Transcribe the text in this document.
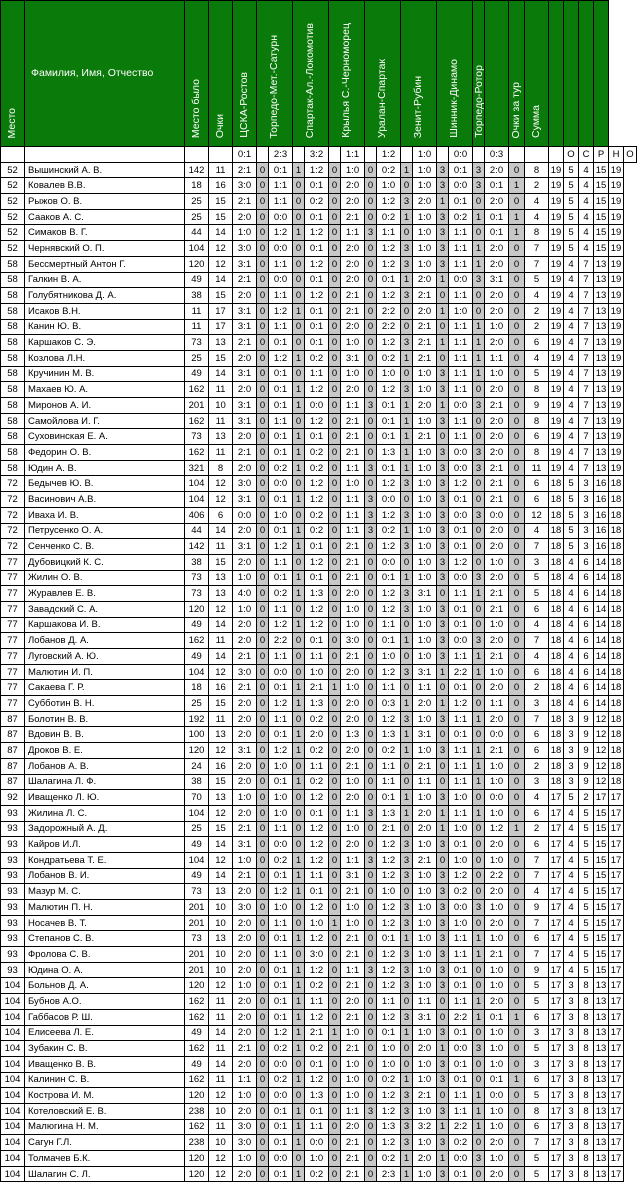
Место	Фамилия, Имя, Отчество	Место было	Очки	ЦСКА-Ростов	Торпедо-Мет.-Сатурн		Спартак-Ал.-Локомотив		Крылья С.-Черноморец		Уралан-Спартак		Зенит-Рубин		Шинник-Динамо		Торпедо-Ротор		Очки за тур	Сумма						
				0:1		2:3		3:2		1:1		1:2		1:0		0:0		0:3				О	С	Р	Н	О
52	Вышинский А. В.	142	11	2:1	0	0:1	1	1:2	0	1:0	0	0:2	1	1:0	3	0:1	3	2:0	0	8	19	5	4	15	19	
52	Ковалев В.В.	18	16	3:0	0	1:1	0	0:1	0	2:0	0	1:0	0	1:0	3	0:0	3	0:1	1	2	19	5	4	15	19	
52	Рыжов О. В.	25	15	2:1	0	1:1	0	0:2	0	2:0	0	1:2	3	2:0	1	0:1	0	2:0	0	4	19	5	4	15	19	
52	Сааков А. С.	25	15	2:0	0	0:0	0	0:1	0	2:1	0	0:2	1	1:0	3	0:2	1	0:1	1	4	19	5	4	15	19	
52	Симаков В. Г.	44	14	1:0	0	1:2	1	1:2	0	1:1	3	1:1	0	1:0	3	1:1	0	0:1	1	8	19	5	4	15	19	
52	Чернявский О. П.	104	12	3:0	0	0:0	0	0:1	0	2:0	0	1:2	3	1:0	3	1:1	1	2:0	0	7	19	5	4	15	19	
58	Бессмертный Антон Г.	120	12	3:1	0	1:1	0	1:2	0	2:0	0	1:2	3	1:0	3	1:1	1	2:0	0	7	19	4	7	13	19	
58	Галкин В. А.	49	14	2:1	0	0:0	0	0:1	0	2:0	0	0:1	1	2:0	1	0:0	3	3:1	0	5	19	4	7	13	19	
58	Голубятникова Д. А.	38	15	2:0	0	1:1	0	1:2	0	2:1	0	1:2	3	2:1	0	1:1	0	2:0	0	4	19	4	7	13	19	
58	Исаков В.Н.	11	17	3:1	0	1:2	1	0:1	0	2:1	0	2:2	0	2:0	1	1:0	0	2:0	0	2	19	4	7	13	19	
58	Канин Ю. В.	11	17	3:1	0	1:1	0	0:1	0	2:0	0	2:2	0	2:1	0	1:1	1	1:0	0	2	19	4	7	13	19	
58	Каршаков С. Э.	73	13	2:1	0	0:1	0	0:1	0	1:0	0	1:2	3	2:1	1	1:1	1	2:0	0	6	19	4	7	13	19	
58	Козлова Л.Н.	25	15	2:0	0	1:2	1	0:2	0	3:1	0	0:2	1	2:1	0	1:1	1	1:1	0	4	19	4	7	13	19	
58	Кручинин М. В.	49	14	3:1	0	0:1	0	1:1	0	1:0	0	1:0	0	1:0	3	1:1	1	1:0	0	5	19	4	7	13	19	
58	Махаев Ю. А.	162	11	2:0	0	0:1	1	1:2	0	2:0	0	1:2	3	1:0	3	1:1	0	2:0	0	8	19	4	7	13	19	
58	Миронов А. И.	201	10	3:1	0	0:1	1	0:0	0	1:1	3	0:1	1	2:0	1	0:0	3	2:1	0	9	19	4	7	13	19	
58	Самойлова И. Г.	162	11	3:1	0	1:1	0	1:2	0	2:1	0	0:1	1	1:0	3	1:1	0	2:0	0	8	19	4	7	13	19	
58	Суховинская Е. А.	73	13	2:0	0	0:1	1	0:1	0	2:1	0	0:1	1	2:1	0	1:1	0	2:0	0	6	19	4	7	13	19	
58	Федорин О. В.	162	11	2:1	0	0:1	1	0:2	0	2:1	0	1:3	1	1:0	3	0:0	3	2:0	0	8	19	4	7	13	19	
58	Юдин А. В.	321	8	2:0	0	0:2	1	0:2	0	1:1	3	0:1	1	1:0	3	0:0	3	2:1	0	11	19	4	7	13	19	
72	Бедычев Ю. В.	104	12	3:0	0	0:0	0	1:2	0	1:0	0	1:2	3	1:0	3	1:2	0	2:1	0	6	18	5	3	16	18	
72	Васинович А.В.	104	12	3:1	0	0:1	1	1:2	0	1:1	3	0:0	0	1:0	3	0:1	0	2:1	0	6	18	5	3	16	18	
72	Иваха И. В.	406	6	0:0	0	1:0	0	0:2	0	1:1	3	1:2	3	1:0	3	0:0	3	0:0	0	12	18	5	3	16	18	
72	Петрусенко О. А.	44	14	2:0	0	0:1	1	0:2	0	1:1	3	0:2	1	1:0	3	0:1	0	2:0	0	4	18	5	3	16	18	
72	Сенченко С. В.	142	11	3:1	0	1:2	1	0:1	0	2:1	0	1:2	3	1:0	3	0:1	0	2:0	0	7	18	5	3	16	18	
77	Дубовицкий К. С.	38	15	2:0	0	1:1	0	1:2	0	2:1	0	0:0	0	1:0	3	1:2	0	1:0	0	3	18	4	6	14	18	
77	Жилин О. В.	73	13	1:0	0	0:1	1	0:1	0	2:1	0	0:1	1	1:0	3	0:0	3	2:0	0	5	18	4	6	14	18	
77	Журавлев Е. В.	73	13	4:0	0	0:2	1	1:3	0	2:0	0	1:2	3	3:1	0	1:1	1	2:1	0	5	18	4	6	14	18	
77	Завадский С. А.	120	12	1:0	0	1:1	0	1:2	0	1:0	0	1:2	3	1:0	3	0:1	0	2:1	0	6	18	4	6	14	18	
77	Каршакова И. В.	49	14	2:0	0	1:2	1	1:2	0	1:0	0	1:1	0	1:0	3	0:1	0	1:0	0	4	18	4	6	14	18	
77	Лобанов Д. А.	162	11	2:0	0	2:2	0	0:1	0	3:0	0	0:1	1	1:0	3	0:0	3	2:0	0	7	18	4	6	14	18	
77	Луговский А. Ю.	49	14	2:1	0	1:1	0	1:1	0	2:1	0	1:0	0	1:0	3	1:1	1	2:1	0	4	18	4	6	14	18	
77	Малютин И. П.	104	12	3:0	0	0:0	0	1:0	0	2:0	0	1:2	3	3:1	1	2:2	1	1:0	0	6	18	4	6	14	18	
77	Сакаева Г. Р.	18	16	2:1	0	0:1	1	2:1	1	1:0	0	1:1	0	1:1	0	0:1	0	2:0	0	2	18	4	6	14	18	
77	Субботин В. Н.	25	15	2:0	0	1:2	1	1:3	0	2:0	0	0:3	1	2:0	1	1:2	0	1:1	0	3	18	4	6	14	18	
87	Болотин В. В.	192	11	2:0	0	1:1	0	0:2	0	2:0	0	1:2	3	1:0	3	1:1	1	2:0	0	7	18	3	9	12	18	
87	Вдовин В. В.	100	13	2:0	0	0:1	1	2:0	0	1:3	0	1:3	1	3:1	0	0:1	0	0:0	0	6	18	3	9	12	18	
87	Дроков В. Е.	120	12	3:1	0	1:2	1	0:2	0	2:0	0	0:2	1	1:0	3	1:1	1	2:1	0	6	18	3	9	12	18	
87	Лобанов А. В.	24	16	2:0	0	1:0	0	1:1	0	2:1	0	1:1	0	2:1	0	1:1	1	1:0	0	2	18	3	9	12	18	
87	Шалагина Л. Ф.	38	15	2:0	0	0:1	1	0:2	0	1:0	0	1:1	0	1:1	0	1:1	1	1:0	0	3	18	3	9	12	18	
92	Иващенко Л. Ю.	70	13	1:0	0	1:0	0	1:2	0	2:0	0	0:1	1	1:0	3	1:0	0	0:0	0	4	17	5	2	17	17	
93	Жилина Л. С.	104	12	2:0	0	1:0	0	0:1	0	1:1	3	1:3	1	2:0	1	1:1	1	1:0	0	6	17	4	5	15	17	
93	Задорожный А. Д.	25	15	2:1	0	1:1	0	1:2	0	1:0	0	2:1	0	2:0	1	1:0	0	1:2	1	2	17	4	5	15	17	
93	Кайров И.Л.	49	14	3:1	0	0:0	0	1:2	0	2:0	0	1:2	3	1:0	3	0:1	0	2:0	0	6	17	4	5	15	17	
93	Кондратьева Т. Е.	104	12	1:0	0	0:2	1	1:2	0	1:1	3	1:2	3	2:1	0	1:0	0	1:0	0	7	17	4	5	15	17	
93	Лобанов В. И.	49	14	2:1	0	0:1	1	1:1	0	3:1	0	1:2	3	1:0	3	1:2	0	2:2	0	7	17	4	5	15	17	
93	Мазур М. С.	73	13	2:0	0	1:2	1	0:1	0	2:1	0	1:0	0	1:0	3	0:2	0	2:0	0	4	17	4	5	15	17	
93	Малютин П. Н.	201	10	3:0	0	1:0	0	1:2	0	1:0	0	1:2	3	1:0	3	0:0	3	1:0	0	9	17	4	5	15	17	
93	Носачев В. Т.	201	10	2:0	0	1:1	0	1:0	1	1:0	0	1:2	3	1:0	3	1:0	0	2:0	0	7	17	4	5	15	17	
93	Степанов С. В.	73	13	2:0	0	0:1	1	1:2	0	2:1	0	0:1	1	1:0	3	1:1	1	1:0	0	6	17	4	5	15	17	
93	Фролова С. В.	201	10	2:0	0	1:1	0	3:0	0	2:1	0	1:2	3	1:0	3	1:1	1	2:1	0	7	17	4	5	15	17	
93	Юдина О. А.	201	10	2:0	0	0:1	1	1:2	0	1:1	3	1:2	3	1:0	3	0:1	0	1:0	0	9	17	4	5	15	17	
104	Больнов Д. А.	120	12	1:0	0	0:1	1	0:2	0	2:1	0	1:2	3	1:0	3	0:1	0	1:0	0	5	17	3	8	13	17	
104	Бубнов А.О.	162	11	2:0	0	0:1	1	1:1	0	2:0	0	1:1	0	1:1	0	1:1	1	2:0	0	5	17	3	8	13	17	
104	Габбасов Р. Ш.	162	11	2:0	0	0:1	1	1:2	0	2:1	0	1:2	3	3:1	0	2:2	1	0:1	1	6	17	3	8	13	17	
104	Елисеева Л. Е.	49	14	2:0	0	1:2	1	2:1	1	1:0	0	0:1	1	1:0	3	0:1	0	1:0	0	3	17	3	8	13	17	
104	Зубакин С. В.	162	11	2:1	0	0:2	1	0:2	0	2:1	0	1:0	0	2:0	1	0:0	3	1:0	0	5	17	3	8	13	17	
104	Иващенко В. В.	49	14	2:0	0	0:0	0	0:1	0	1:0	0	1:0	0	1:0	3	0:1	0	1:0	0	3	17	3	8	13	17	
104	Калинин С. В.	162	11	1:1	0	0:2	1	1:2	0	1:0	0	0:2	1	1:0	3	0:1	0	0:1	1	6	17	3	8	13	17	
104	Кострова И. М.	120	12	1:0	0	0:0	0	1:3	0	1:0	0	1:2	3	2:1	0	1:1	1	0:0	0	5	17	3	8	13	17	
104	Котеловский Е. В.	238	10	2:0	0	0:1	1	0:1	0	1:1	3	1:2	3	1:0	3	1:1	1	1:0	0	8	17	3	8	13	17	
104	Малюгина Н. М.	162	11	3:0	0	0:1	1	1:1	0	2:0	0	1:3	3	3:2	1	2:2	1	1:0	0	6	17	3	8	13	17	
104	Сагун Г.Л.	238	10	3:0	0	0:1	1	0:0	0	2:1	0	1:2	3	1:0	3	0:2	0	2:0	0	7	17	3	8	13	17	
104	Толмачев Б.К.	120	12	1:0	0	0:0	0	1:0	0	2:1	0	0:2	1	2:0	1	0:0	3	1:0	0	5	17	3	8	13	17	
104	Шалагин С. Л.	120	12	2:0	0	0:1	1	0:2	0	2:1	0	2:3	1	1:0	3	0:1	0	2:0	0	5	17	3	8	13	17	
